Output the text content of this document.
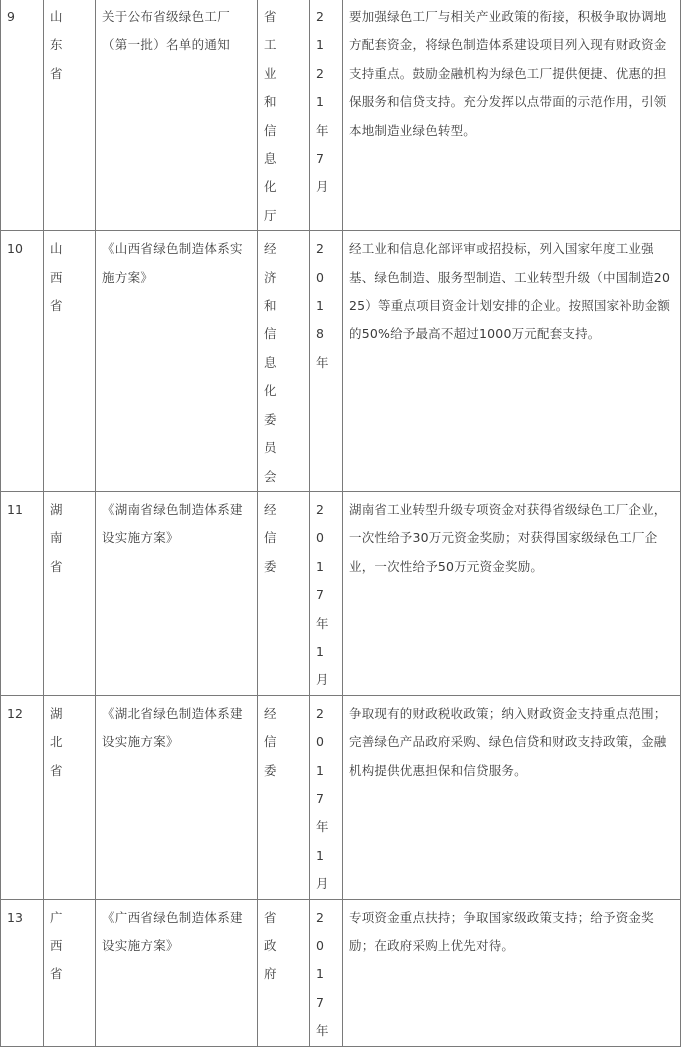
9	山东省	关于公布省级绿色工厂（第一批）名单的通知	省工业和信息化厅	2121年7月	要加强绿色工厂与相关产业政策的衔接，积极争取协调地方配套资金，将绿色制造体系建设项目列入现有财政资金支持重点。鼓励金融机构为绿色工厂提供便捷、优惠的担保服务和信贷支持。充分发挥以点带面的示范作用，引领本地制造业绿色转型。
10	山西省	《山西省绿色制造体系实施方案》	经济和信息化委员会	2018年	经工业和信息化部评审或招投标，列入国家年度工业强基、绿色制造、服务型制造、工业转型升级（中国制造2025）等重点项目资金计划安排的企业。按照国家补助金额的50%给予最高不超过1000万元配套支持。
11	湖南省	《湖南省绿色制造体系建设实施方案》	经信委	2017年1月	湖南省工业转型升级专项资金对获得省级绿色工厂企业，一次性给予30万元资金奖励；对获得国家级绿色工厂企业，一次性给予50万元资金奖励。
12	湖北省	《湖北省绿色制造体系建设实施方案》	经信委	2017年1月	争取现有的财政税收政策；纳入财政资金支持重点范围；完善绿色产品政府采购、绿色信贷和财政支持政策，金融机构提供优惠担保和信贷服务。
13	广西省	《广西省绿色制造体系建设实施方案》	省政府	2017年	专项资金重点扶持；争取国家级政策支持；给予资金奖励；在政府采购上优先对待。
